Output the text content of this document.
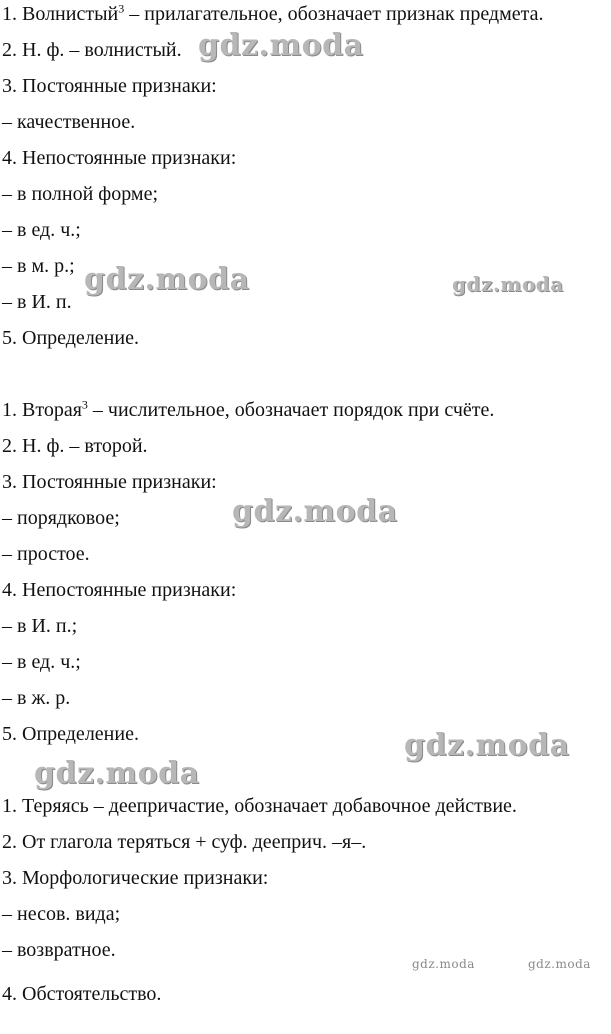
1. Волнистый$^3$ – прилагательное, обозначает признак предмета.
2. Н. ф. – волнистый.
3. Постоянные признаки:
– качественное.
4. Непостоянные признаки:
– в полной форме;
– в ед. ч.;
– в м. р.;
– в И. п.
5. Определение.
1. Вторая$^3$ – числительное, обозначает порядок при счёте.
2. Н. ф. – второй.
3. Постоянные признаки:
– порядковое;
– простое.
4. Непостоянные признаки:
– в И. п.;
– в ед. ч.;
– в ж. р.
5. Определение.
1. Теряясь – деепричастие, обозначает добавочное действие.
2. От глагола теряться + суф. дееприч. –я–.
3. Морфологические признаки:
– несов. вида;
– возвратное.
4. Обстоятельство.
gdz.moda
gdz.moda	gdz.moda
gdz.moda
gdz.moda
gdz.moda
gdz.moda	gdz.moda
